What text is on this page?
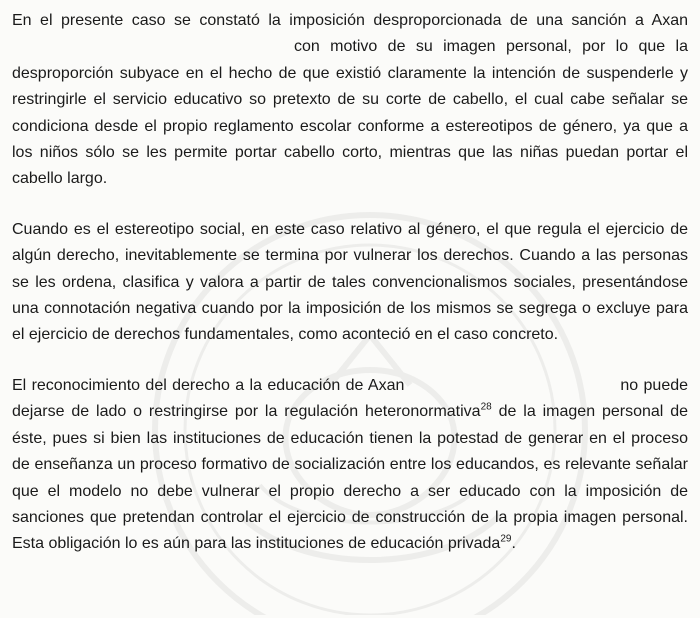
En el presente caso se constató la imposición desproporcionada de una sanción a Axancon motivo de su imagen personal, por lo que la desproporción subyace en el hecho de que existió claramente la intención de suspenderle y restringirle el servicio educativo so pretexto de su corte de cabello, el cual cabe señalar se condiciona desde el propio reglamento escolar conforme a estereotipos de género, ya que a los niños sólo se les permite portar cabello corto, mientras que las niñas puedan portar el cabello largo.

Cuando es el estereotipo social, en este caso relativo al género, el que regula el ejercicio de algún derecho, inevitablemente se termina por vulnerar los derechos. Cuando a las personas se les ordena, clasifica y valora a partir de tales convencionalismos sociales, presentándose una connotación negativa cuando por la imposición de los mismos se segrega o excluye para el ejercicio de derechos fundamentales, como aconteció en el caso concreto.

El reconocimiento del derecho a la educación de Axan	no puede dejarse de lado o restringirse por la regulación heteronormativa$^{28}$ de la imagen personal de éste, pues si bien las instituciones de educación tienen la potestad de generar en el proceso de enseñanza un proceso formativo de socialización entre los educandos, es relevante señalar que el modelo no debe vulnerar el propio derecho a ser educado con la imposición de sanciones que pretendan controlar el ejercicio de construcción de la propia imagen personal. Esta obligación lo es aún para las instituciones de educación privada$^{29}$.
